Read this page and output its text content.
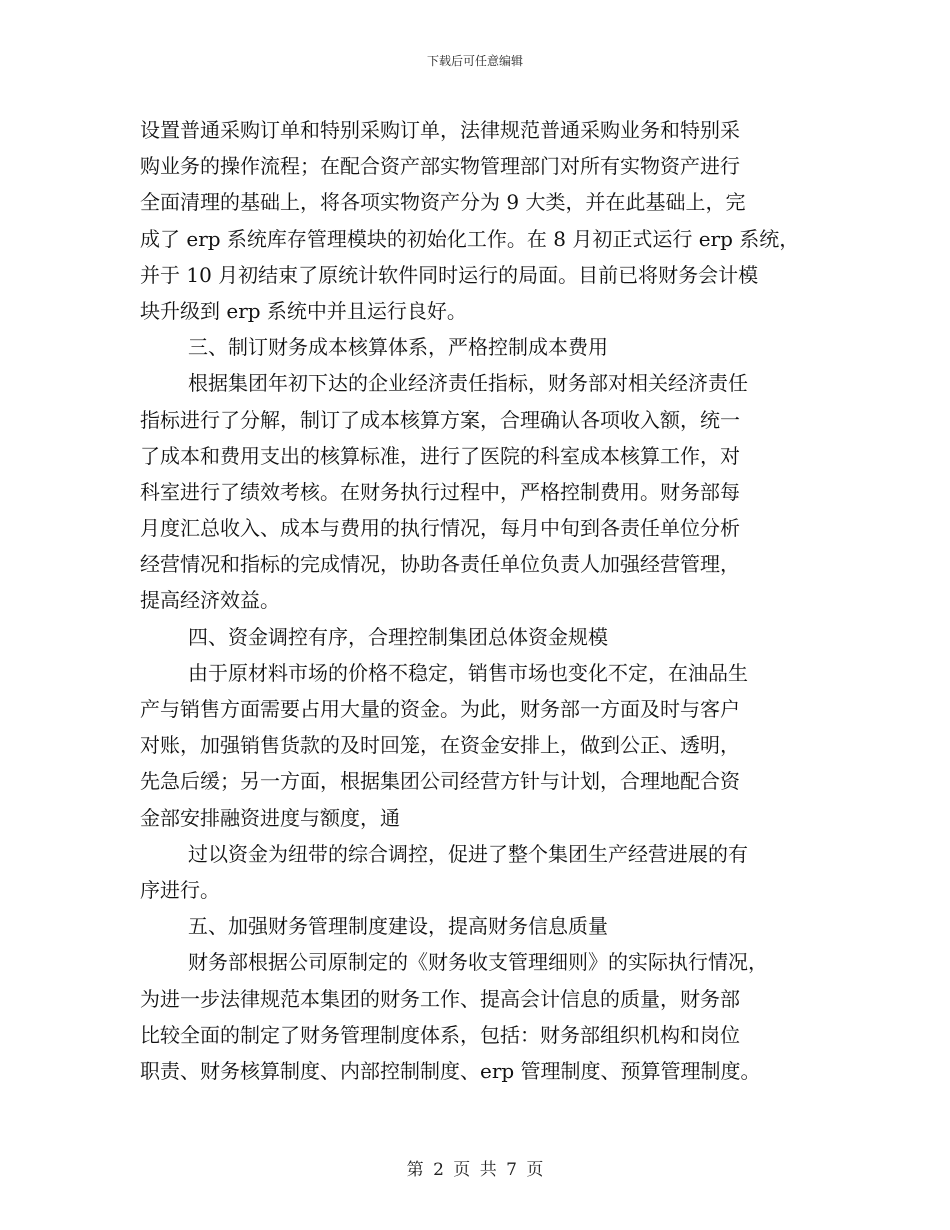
下载后可任意编辑
设置普通采购订单和特别采购订单，法律规范普通采购业务和特别采
购业务的操作流程；在配合资产部实物管理部门对所有实物资产进行
全面清理的基础上，将各项实物资产分为 9 大类，并在此基础上，完
成了 erp 系统库存管理模块的初始化工作。在 8 月初正式运行 erp 系统，
并于 10 月初结束了原统计软件同时运行的局面。目前已将财务会计模
块升级到 erp 系统中并且运行良好。
三、制订财务成本核算体系，严格控制成本费用
根据集团年初下达的企业经济责任指标，财务部对相关经济责任
指标进行了分解，制订了成本核算方案，合理确认各项收入额，统一
了成本和费用支出的核算标准，进行了医院的科室成本核算工作，对
科室进行了绩效考核。在财务执行过程中，严格控制费用。财务部每
月度汇总收入、成本与费用的执行情况，每月中旬到各责任单位分析
经营情况和指标的完成情况，协助各责任单位负责人加强经营管理，
提高经济效益。
四、资金调控有序，合理控制集团总体资金规模
由于原材料市场的价格不稳定，销售市场也变化不定，在油品生
产与销售方面需要占用大量的资金。为此，财务部一方面及时与客户
对账，加强销售货款的及时回笼，在资金安排上，做到公正、透明，
先急后缓；另一方面，根据集团公司经营方针与计划，合理地配合资
金部安排融资进度与额度，通
过以资金为纽带的综合调控，促进了整个集团生产经营进展的有
序进行。
五、加强财务管理制度建设，提高财务信息质量
财务部根据公司原制定的《财务收支管理细则》的实际执行情况，
为进一步法律规范本集团的财务工作、提高会计信息的质量，财务部
比较全面的制定了财务管理制度体系，包括：财务部组织机构和岗位
职责、财务核算制度、内部控制制度、erp 管理制度、预算管理制度。
第 2 页 共 7 页
